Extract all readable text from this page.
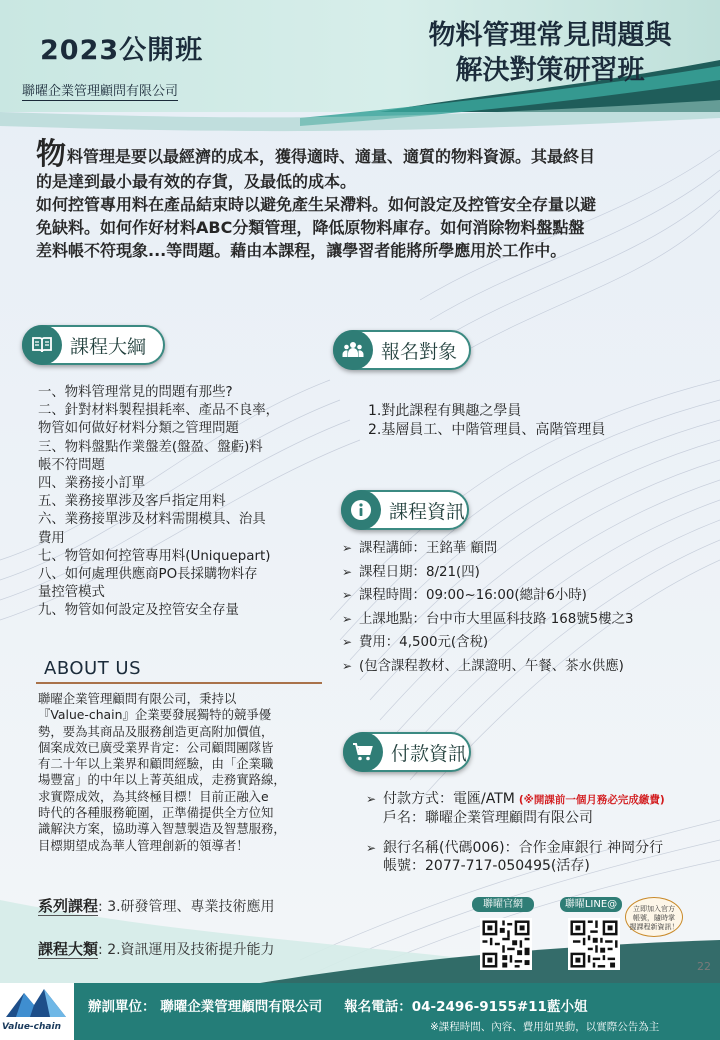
2023公開班
聯曜企業管理顧問有限公司
物料管理常見問題與
解決對策研習班
物料管理是要以最經濟的成本，獲得適時、適量、適質的物料資源。其最終目
的是達到最小最有效的存貨，及最低的成本。
如何控管專用料在產品結束時以避免產生呆滯料。如何設定及控管安全存量以避
免缺料。如何作好材料ABC分類管理，降低原物料庫存。如何消除物料盤點盤
差料帳不符現象...等問題。藉由本課程，讓學習者能將所學應用於工作中。
課程大綱
一、物料管理常見的問題有那些?
二、針對材料製程損耗率、產品不良率，
物管如何做好材料分類之管理問題
三、物料盤點作業盤差(盤盈、盤虧)料
帳不符問題
四、業務接小訂單
五、業務接單涉及客戶指定用料
六、業務接單涉及材料需開模具、治具
費用
七、物管如何控管專用料(Uniquepart)
八、如何處理供應商PO長採購物料存
量控管模式
九、物管如何設定及控管安全存量
報名對象
1.對此課程有興趣之學員
2.基層員工、中階管理員、高階管理員
課程資訊
➢ 課程講師：王銘華 顧問
➢ 課程日期：8/21(四)
➢ 課程時間：09:00~16:00(總計6小時)
➢ 上課地點：台中市大里區科技路 168號5樓之3
➢ 費用：4,500元(含稅)
➢ (包含課程教材、上課證明、午餐、茶水供應)
付款資訊
➢ 付款方式：電匯/ATM (※開課前一個月務必完成繳費)
戶名：聯曜企業管理顧問有限公司
➢ 銀行名稱(代碼006)：合作金庫銀行 神岡分行
帳號：2077-717-050495(活存)
ABOUT US
聯曜企業管理顧問有限公司，秉持以
『Value-chain』企業要發展獨特的競爭優
勢，要為其商品及服務創造更高附加價值，
個案成效已廣受業界肯定：公司顧問團隊皆
有二十年以上業界和顧問經驗，由「企業職
場豐富」的中年以上菁英組成，走務實路線，
求實際成效，為其終極目標！目前正融入e
時代的各種服務範圍，正準備提供全方位知
識解決方案，協助導入智慧製造及智慧服務，
目標期望成為華人管理創新的領導者！
系列課程: 3.研發管理、專業技術應用
課程大類: 2.資訊運用及技術提升能力
聯曜官網	聯曜LINE@	立即加入官方
帳號，隨時掌
握課程新資訊！
22
Value-chain
辦訓單位： 聯曜企業管理顧問有限公司 報名電話：04-2496-9155#11藍小姐
※課程時間、內容、費用如異動，以實際公告為主
